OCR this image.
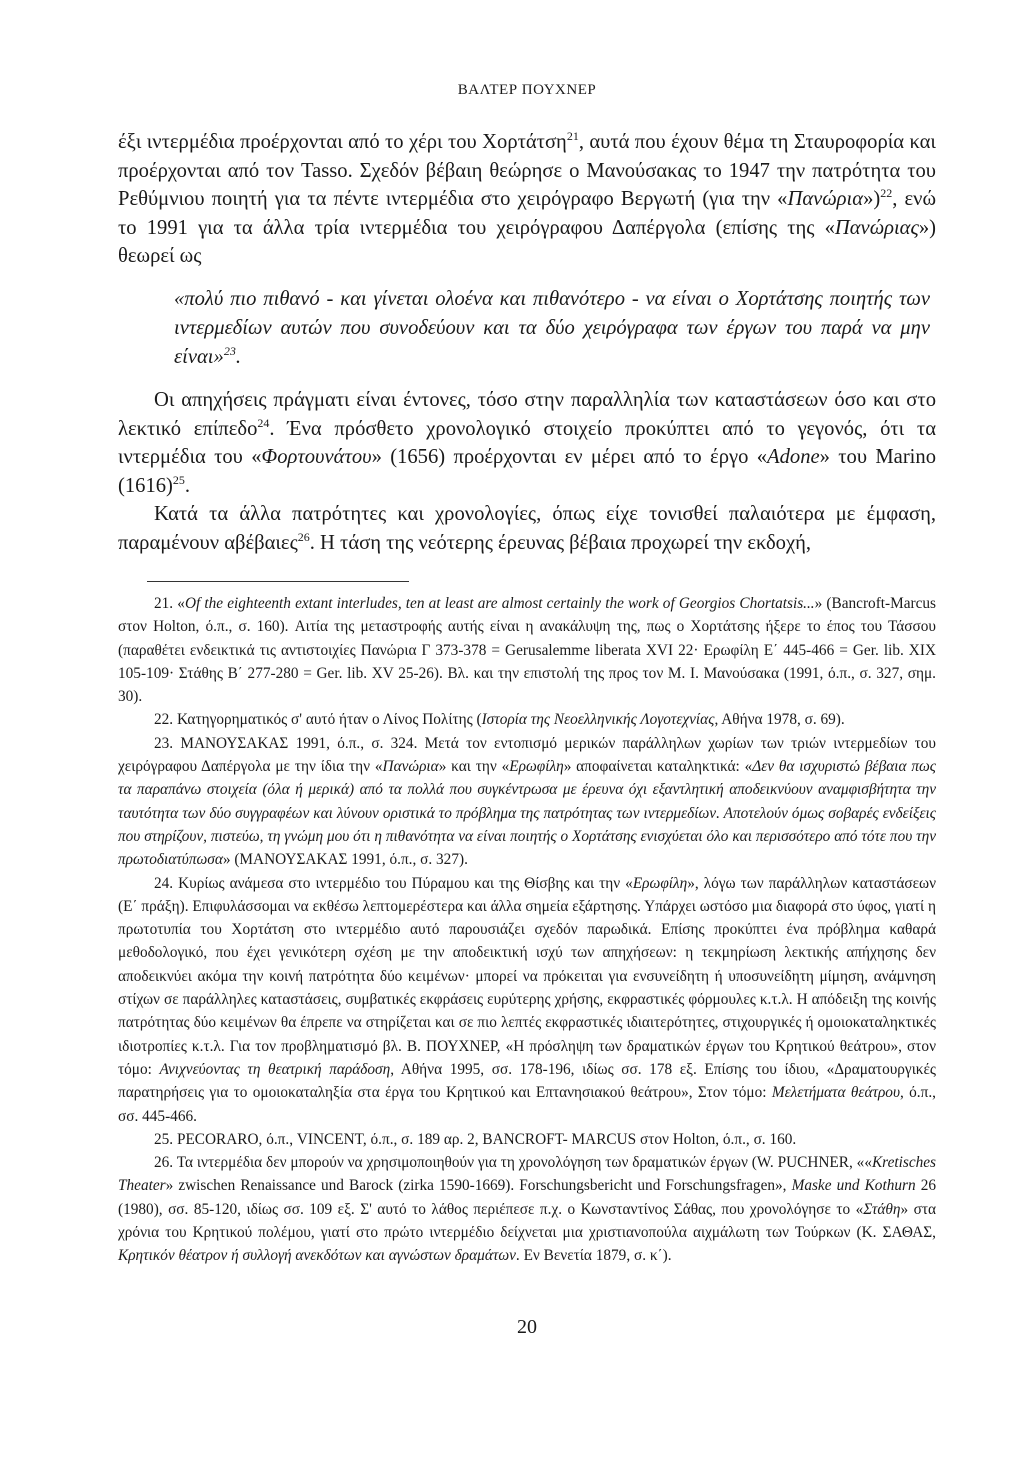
ΒΑΛΤΕΡ ΠΟΥΧΝΕΡ

έξι ιντερμέδια προέρχονται από το χέρι του Χορτάτση$^{21}$, αυτά που έχουν θέμα τη Σταυροφορία και προέρχονται από τον Tasso. Σχεδόν βέβαιη θεώρησε ο Μανούσακας το 1947 την πατρότητα του Ρεθύμνιου ποιητή για τα πέντε ιντερμέδια στο χειρόγραφο Βεργωτή (για την «Πανώρια»)$^{22}$, ενώ το 1991 για τα άλλα τρία ιντερμέδια του χειρόγραφου Δαπέργολα (επίσης της «Πανώριας») θεωρεί ως

«πολύ πιο πιθανό - και γίνεται ολοένα και πιθανότερο - να είναι ο Χορτάτσης ποιητής των ιντερμεδίων αυτών που συνοδεύουν και τα δύο χειρόγραφα των έργων του παρά να μην είναι»$^{23}$.

Οι απηχήσεις πράγματι είναι έντονες, τόσο στην παραλληλία των καταστάσεων όσο και στο λεκτικό επίπεδο$^{24}$. Ένα πρόσθετο χρονολογικό στοιχείο προκύπτει από το γεγονός, ότι τα ιντερμέδια του «Φορτουνάτου» (1656) προέρχονται εν μέρει από το έργο «Adone» του Marino $(1616)^{25}$.

Κατά τα άλλα πατρότητες και χρονολογίες, όπως είχε τονισθεί παλαιότερα με έμφαση, παραμένουν αβέβαιες$^{26}$. Η τάση της νεότερης έρευνας βέβαια προχωρεί την εκδοχή,

21. «Of the eighteenth extant interludes, ten at least are almost certainly the work of Georgios Chortatsis...» (Bancroft-Marcus στον Holton, ό.π., σ. 160). Αιτία της μεταστροφής αυτής είναι η ανακάλυψη της, πως ο Χορτάτσης ήξερε το έπος του Τάσσου (παραθέτει ενδεικτικά τις αντιστοιχίες Πανώρια Γ 373-378 = Gerusalemme liberata XVI 22· Ερωφίλη Ε΄ 445-466 = Ger. lib. XIX 105-109· Στάθης Β΄ 277-280 = Ger. lib. XV 25-26). Βλ. και την επιστολή της προς τον Μ. Ι. Μανούσακα (1991, ό.π., σ. 327, σημ. 30).

22. Κατηγορηματικός σ' αυτό ήταν ο Λίνος Πολίτης (Ιστορία της Νεοελληνικής Λογοτεχνίας, Αθήνα 1978, σ. 69).

23. ΜΑΝΟΥΣΑΚΑΣ 1991, ό.π., σ. 324. Μετά τον εντοπισμό μερικών παράλληλων χωρίων των τριών ιντερμεδίων του χειρόγραφου Δαπέργολα με την ίδια την «Πανώρια» και την «Ερωφίλη» αποφαίνεται καταληκτικά: «Δεν θα ισχυριστώ βέβαια πως τα παραπάνω στοιχεία (όλα ή μερικά) από τα πολλά που συγκέντρωσα με έρευνα όχι εξαντλητική αποδεικνύουν αναμφισβήτητα την ταυτότητα των δύο συγγραφέων και λύνουν οριστικά το πρόβλημα της πατρότητας των ιντερμεδίων. Αποτελούν όμως σοβαρές ενδείξεις που στηρίζουν, πιστεύω, τη γνώμη μου ότι η πιθανότητα να είναι ποιητής ο Χορτάτσης ενισχύεται όλο και περισσότερο από τότε που την πρωτοδιατύπωσα» (ΜΑΝΟΥΣΑΚΑΣ 1991, ό.π., σ. 327).

24. Κυρίως ανάμεσα στο ιντερμέδιο του Πύραμου και της Θίσβης και την «Ερωφίλη», λόγω των παράλληλων καταστάσεων (Ε΄ πράξη). Επιφυλάσσομαι να εκθέσω λεπτομερέστερα και άλλα σημεία εξάρτησης. Υπάρχει ωστόσο μια διαφορά στο ύφος, γιατί η πρωτοτυπία του Χορτάτση στο ιντερμέδιο αυτό παρουσιάζει σχεδόν παρωδικά. Επίσης προκύπτει ένα πρόβλημα καθαρά μεθοδολογικό, που έχει γενικότερη σχέση με την αποδεικτική ισχύ των απηχήσεων: η τεκμηρίωση λεκτικής απήχησης δεν αποδεικνύει ακόμα την κοινή πατρότητα δύο κειμένων· μπορεί να πρόκειται για ενσυνείδητη ή υποσυνείδητη μίμηση, ανάμνηση στίχων σε παράλληλες καταστάσεις, συμβατικές εκφράσεις ευρύτερης χρήσης, εκφραστικές φόρμουλες κ.τ.λ. Η απόδειξη της κοινής πατρότητας δύο κειμένων θα έπρεπε να στηρίζεται και σε πιο λεπτές εκφραστικές ιδιαιτερότητες, στιχουργικές ή ομοιοκαταληκτικές ιδιοτροπίες κ.τ.λ. Για τον προβληματισμό βλ. Β. ΠΟΥΧΝΕΡ, «Η πρόσληψη των δραματικών έργων του Κρητικού θεάτρου», στον τόμο: Ανιχνεύοντας τη θεατρική παράδοση, Αθήνα 1995, σσ. 178-196, ιδίως σσ. 178 εξ. Επίσης του ίδιου, «Δραματουργικές παρατηρήσεις για το ομοιοκαταληξία στα έργα του Κρητικού και Επτανησιακού θεάτρου», Στον τόμο: Μελετήματα θεάτρου, ό.π., σσ. 445-466.

25. PECORARO, ό.π., VINCENT, ό.π., σ. 189 αρ. 2, BANCROFT- MARCUS στον Holton, ό.π., σ. 160.

26. Τα ιντερμέδια δεν μπορούν να χρησιμοποιηθούν για τη χρονολόγηση των δραματικών έργων (W. PUCHNER, ««Kretisches Theater» zwischen Renaissance und Barock (zirka 1590-1669). Forschungsbericht und Forschungsfragen», Maske und Kothurn 26 (1980), σσ. 85-120, ιδίως σσ. 109 εξ. Σ' αυτό το λάθος περιέπεσε π.χ. ο Κωνσταντίνος Σάθας, που χρονολόγησε το «Στάθη» στα χρόνια του Κρητικού πολέμου, γιατί στο πρώτο ιντερμέδιο δείχνεται μια χριστιανοπούλα αιχμάλωτη των Τούρκων (Κ. ΣΑΘΑΣ, Κρητικόν θέατρον ή συλλογή ανεκδότων και αγνώστων δραμάτων. Εν Βενετία 1879, σ. κ΄).

20
